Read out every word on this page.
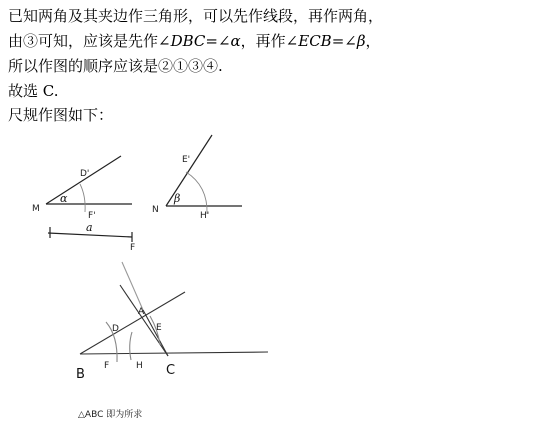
已知两角及其夹边作三角形，可以先作线段，再作两角，
由③可知，应该是先作∠DBC=∠α，再作∠ECB=∠β，
所以作图的顺序应该是②①③④.
故选 C.
尺规作图如下：
M
D'
α
F'
a
F
N
E'
β
H'
B	C
A
D	E
F	H
△ABC 即为所求
